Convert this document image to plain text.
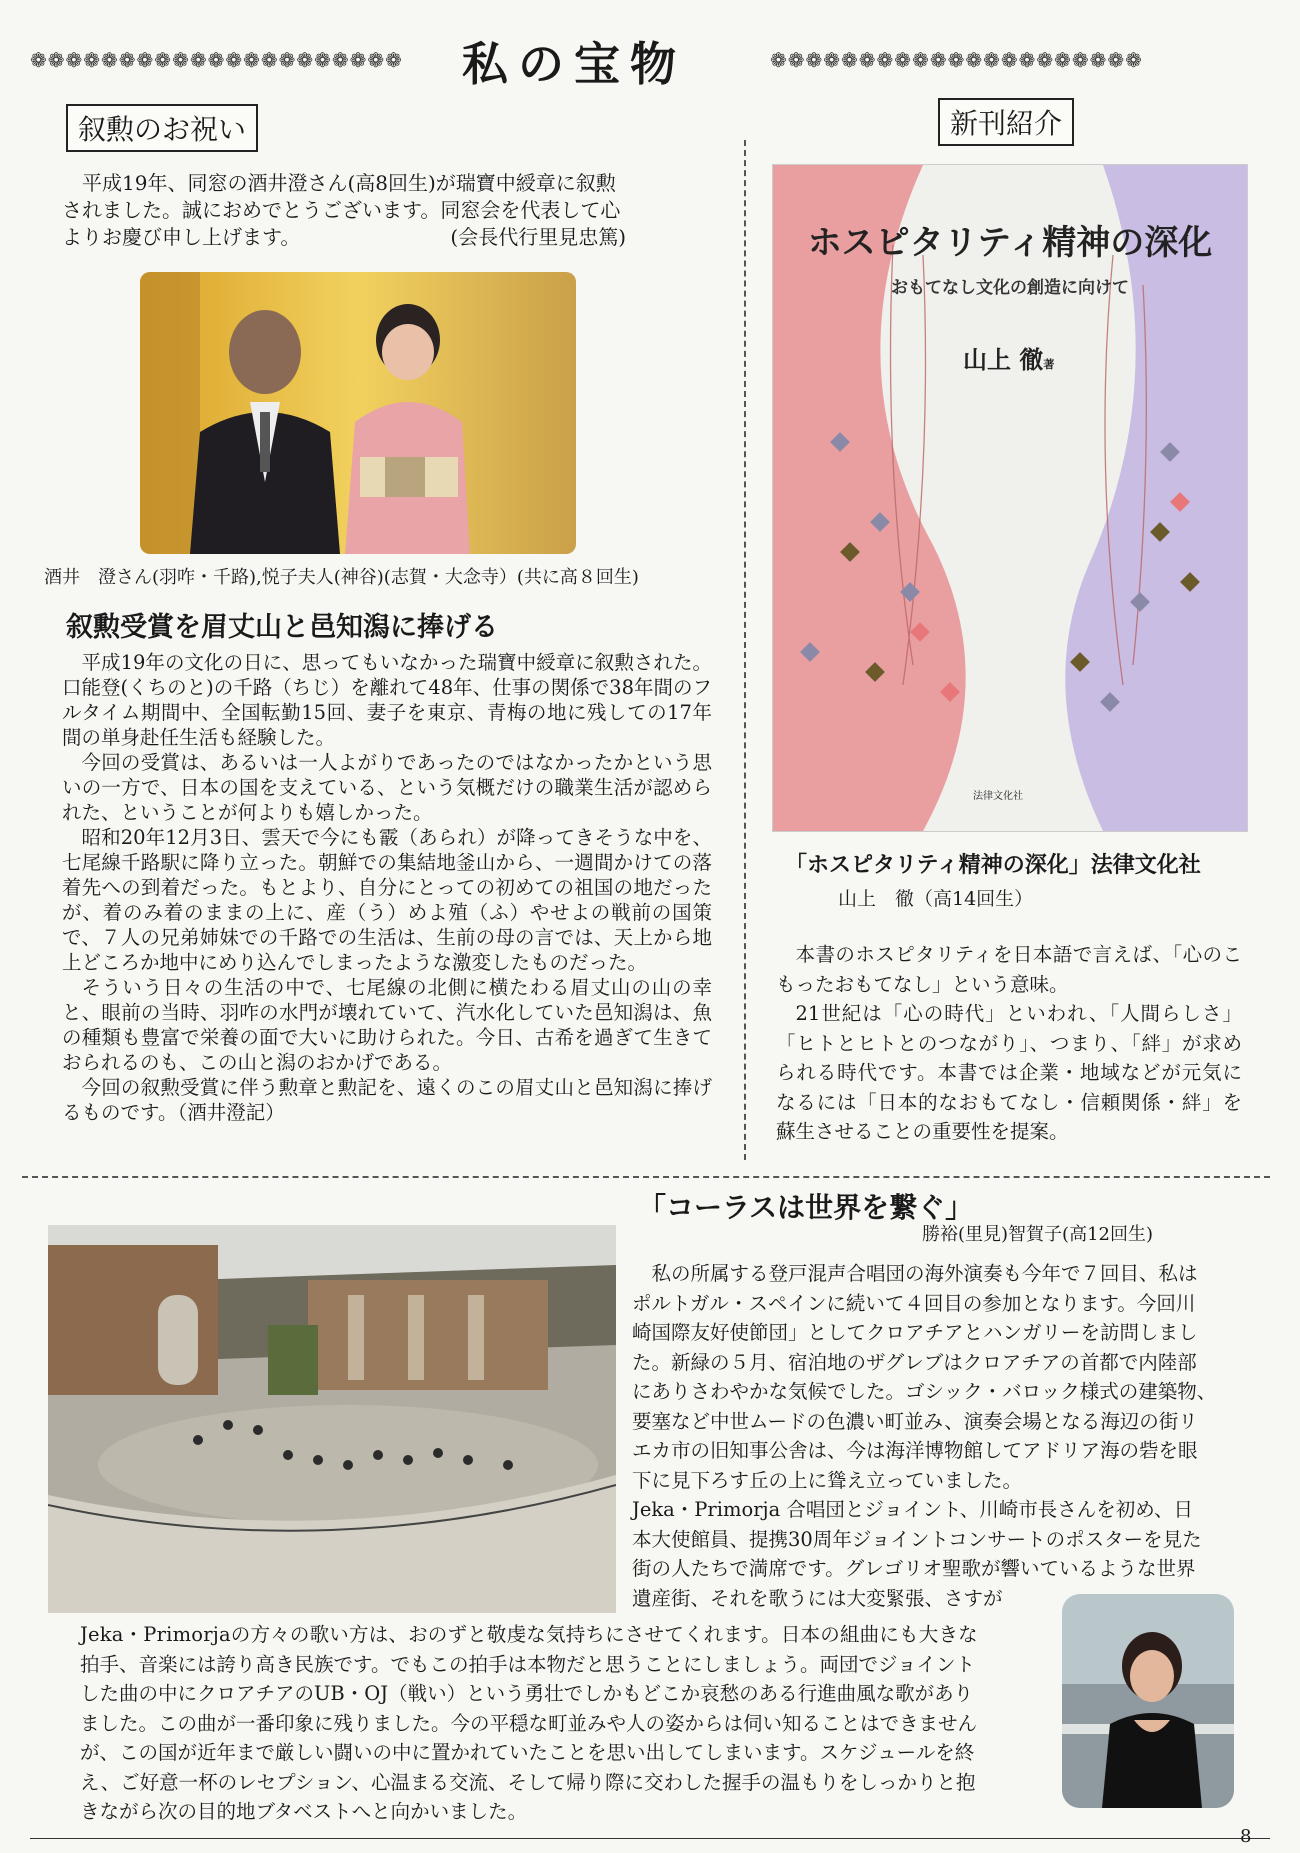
❁❁❁❁❁❁❁❁❁❁❁❁❁❁❁❁❁❁❁❁❁	私の宝物	❁❁❁❁❁❁❁❁❁❁❁❁❁❁❁❁❁❁❁❁❁
叙勲のお祝い
平成19年、同窓の酒井澄さん(高8回生)が瑞寶中綬章に叙勲
されました。誠におめでとうございます。同窓会を代表して心
よりお慶び申し上げます。　　　　　　　　(会長代行里見忠篤)
酒井　澄さん(羽咋・千路),悦子夫人(神谷)(志賀・大念寺）(共に高８回生)
叙勲受賞を眉丈山と邑知潟に捧げる

平成19年の文化の日に、思ってもいなかった瑞寶中綬章に叙勲された。口能登(くちのと)の千路（ちじ）を離れて48年、仕事の関係で38年間のフルタイム期間中、全国転勤15回、妻子を東京、青梅の地に残しての17年間の単身赴任生活も経験した。

今回の受賞は、あるいは一人よがりであったのではなかったかという思いの一方で、日本の国を支えている、という気概だけの職業生活が認められた、ということが何よりも嬉しかった。

昭和20年12月3日、雲天で今にも霰（あられ）が降ってきそうな中を、七尾線千路駅に降り立った。朝鮮での集結地釜山から、一週間かけての落着先への到着だった。もとより、自分にとっての初めての祖国の地だったが、着のみ着のままの上に、産（う）めよ殖（ふ）やせよの戦前の国策で、７人の兄弟姉妹での千路での生活は、生前の母の言では、天上から地上どころか地中にめり込んでしまったような激変したものだった。

そういう日々の生活の中で、七尾線の北側に横たわる眉丈山の山の幸と、眼前の当時、羽咋の水門が壊れていて、汽水化していた邑知潟は、魚の種類も豊富で栄養の面で大いに助けられた。今日、古希を過ぎて生きておられるのも、この山と潟のおかげである。

今回の叙勲受賞に伴う勲章と勲記を、遠くのこの眉丈山と邑知潟に捧げるものです。（酒井澄記）

新刊紹介
ホスピタリティ精神の深化
おもてなし文化の創造に向けて
山上 徹著
法律文化社
「ホスピタリティ精神の深化」法律文化社
山上　徹（高14回生）

本書のホスピタリティを日本語で言えば、「心のこもったおもてなし」という意味。

21世紀は「心の時代」といわれ、「人間らしさ」「ヒトとヒトとのつながり」、つまり、「絆」が求められる時代です。本書では企業・地域などが元気になるには「日本的なおもてなし・信頼関係・絆」を蘇生させることの重要性を提案。

「コーラスは世界を繋ぐ」
勝裕(里見)智賀子(高12回生)
　私の所属する登戸混声合唱団の海外演奏も今年で７回目、私は
ポルトガル・スペインに続いて４回目の参加となります。今回川
崎国際友好使節団」としてクロアチアとハンガリーを訪問しまし
た。新緑の５月、宿泊地のザグレブはクロアチアの首都で内陸部
にありさわやかな気候でした。ゴシック・バロック様式の建築物、
要塞など中世ムードの色濃い町並み、演奏会場となる海辺の街リ
エカ市の旧知事公舎は、今は海洋博物館してアドリア海の砦を眼
下に見下ろす丘の上に聳え立っていました。
Jeka・Primorja 合唱団とジョイント、川崎市長さんを初め、日
本大使館員、提携30周年ジョイントコンサートのポスターを見た
街の人たちで満席です。グレゴリオ聖歌が響いているような世界
遺産街、それを歌うには大変緊張、さすが
Jeka・Primorjaの方々の歌い方は、おのずと敬虔な気持ちにさせてくれます。日本の組曲にも大きな
拍手、音楽には誇り高き民族です。でもこの拍手は本物だと思うことにしましょう。両団でジョイント
した曲の中にクロアチアのUB・OJ（戦い）という勇壮でしかもどこか哀愁のある行進曲風な歌があり
ました。この曲が一番印象に残りました。今の平穏な町並みや人の姿からは伺い知ることはできません
が、この国が近年まで厳しい闘いの中に置かれていたことを思い出してしまいます。スケジュールを終
え、ご好意一杯のレセプション、心温まる交流、そして帰り際に交わした握手の温もりをしっかりと抱
きながら次の目的地ブタベストへと向かいました。
8
